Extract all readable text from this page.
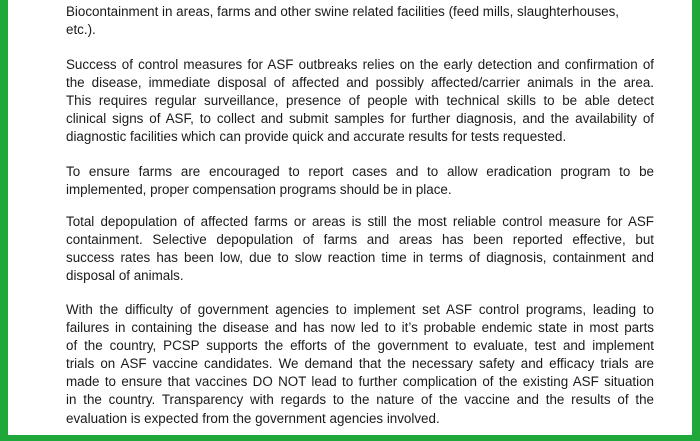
Biocontainment in areas, farms and other swine related facilities (feed mills, slaughterhouses,
etc.).
Success of control measures for ASF outbreaks relies on the early detection and confirmation of
the disease, immediate disposal of affected and possibly affected/carrier animals in the area.
This requires regular surveillance, presence of people with technical skills to be able detect
clinical signs of ASF, to collect and submit samples for further diagnosis, and the availability of
diagnostic facilities which can provide quick and accurate results for tests requested.
To ensure farms are encouraged to report cases and to allow eradication program to be
implemented, proper compensation programs should be in place.
Total depopulation of affected farms or areas is still the most reliable control measure for ASF
containment. Selective depopulation of farms and areas has been reported effective, but
success rates has been low, due to slow reaction time in terms of diagnosis, containment and
disposal of animals.
With the difficulty of government agencies to implement set ASF control programs, leading to
failures in containing the disease and has now led to it’s probable endemic state in most parts
of the country, PCSP supports the efforts of the government to evaluate, test and implement
trials on ASF vaccine candidates. We demand that the necessary safety and efficacy trials are
made to ensure that vaccines DO NOT lead to further complication of the existing ASF situation
in the country. Transparency with regards to the nature of the vaccine and the results of the
evaluation is expected from the government agencies involved.
